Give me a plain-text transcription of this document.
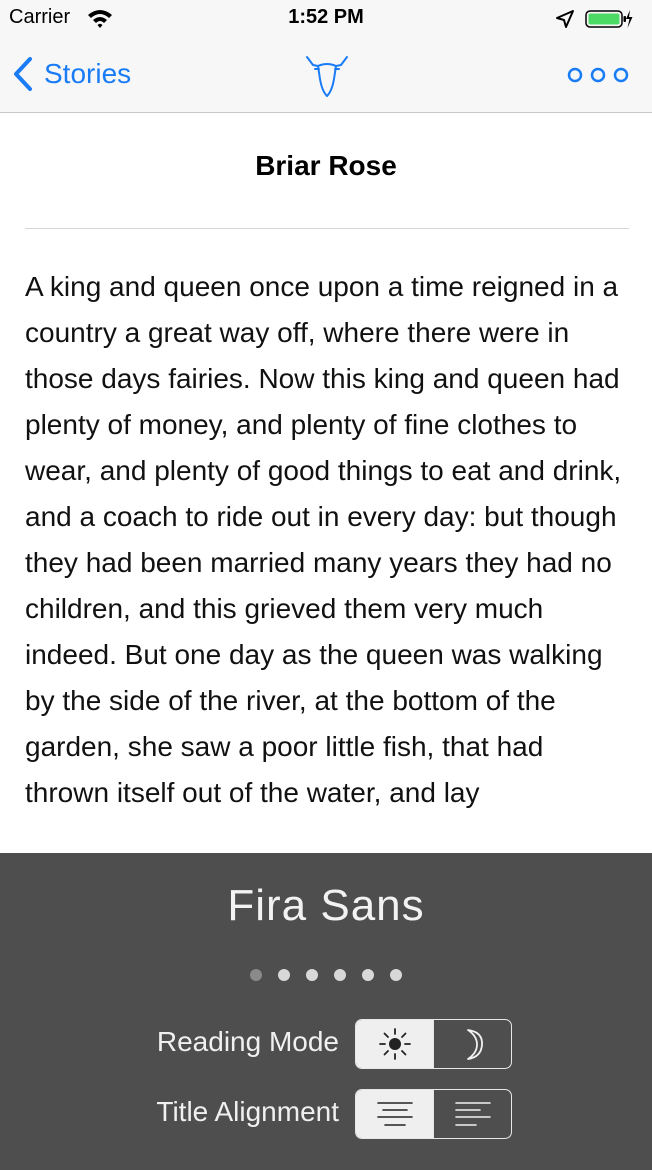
Carrier	1:52 PM
Stories
Briar Rose

A king and queen once upon a time reigned in a country a great way off, where there were in those days fairies. Now this king and queen had plenty of money, and plenty of fine clothes to wear, and plenty of good things to eat and drink, and a coach to ride out in every day: but though they had been married many years they had no children, and this grieved them very much indeed. But one day as the queen was walking by the side of the river, at the bottom of the garden, she saw a poor little fish, that had thrown itself out of the water, and lay

Fira Sans
Reading Mode
Title Alignment
